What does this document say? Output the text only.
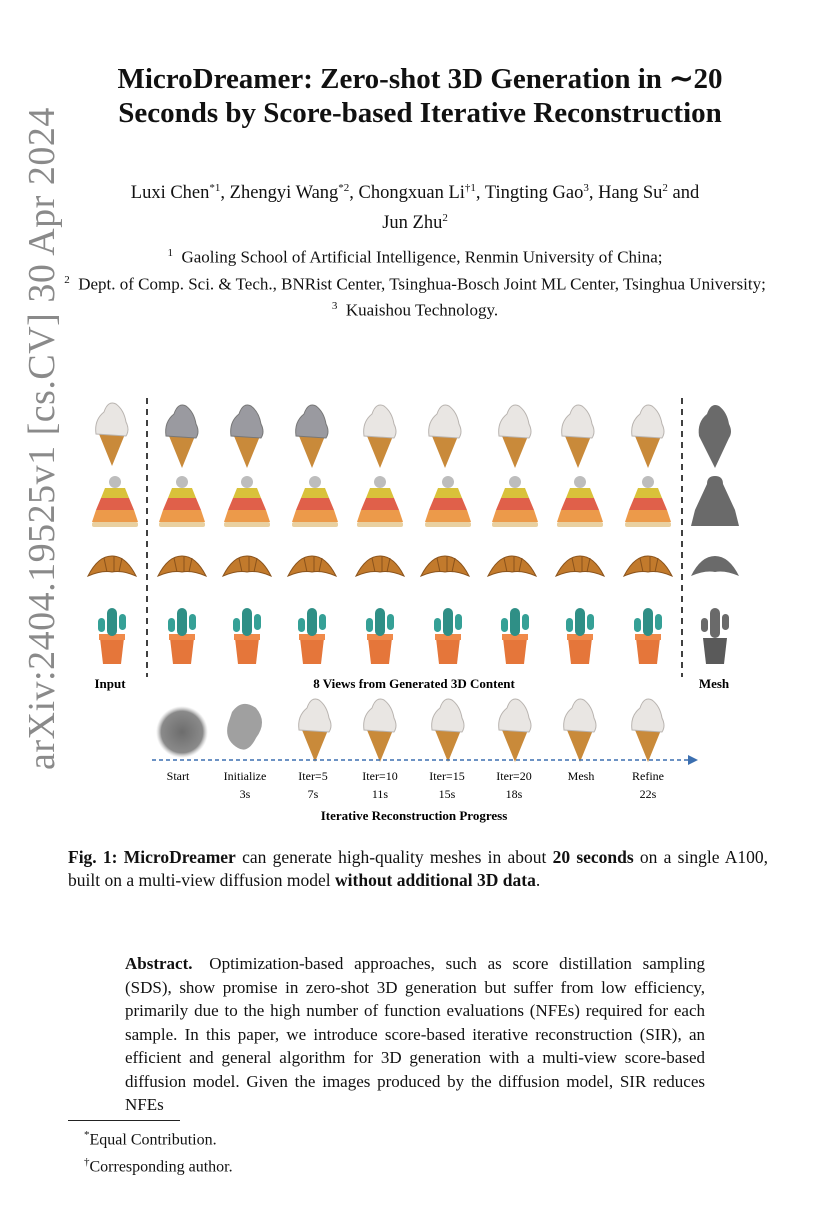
arXiv:2404.19525v1 [cs.CV] 30 Apr 2024
MicroDreamer: Zero-shot 3D Generation in ∼20 Seconds by Score-based Iterative Reconstruction
Luxi Chen$^{*1}$, Zhengyi Wang$^{*2}$, Chongxuan Li$^{\dagger 1}$, Tingting Gao$^3$, Hang Su$^2$ and
Jun Zhu$^2$
$^1$ Gaoling School of Artificial Intelligence, Renmin University of China;
$^2$ Dept. of Comp. Sci. & Tech., BNRist Center, Tsinghua-Bosch Joint ML Center, Tsinghua University;
$^3$ Kuaishou Technology.
Input	8 Views from Generated 3D Content	Mesh
Start	Initialize
3s
Iter=5
7s
Iter=10
11s
Iter=15
15s
Iter=20
18s
Mesh	Refine
22s
Iterative Reconstruction Progress
Fig. 1: MicroDreamer can generate high-quality meshes in about 20 seconds on a single A100, built on a multi-view diffusion model without additional 3D data.
Abstract. Optimization-based approaches, such as score distillation sampling (SDS), show promise in zero-shot 3D generation but suffer from low efficiency, primarily due to the high number of function evaluations (NFEs) required for each sample. In this paper, we introduce score-based iterative reconstruction (SIR), an efficient and general algorithm for 3D generation with a multi-view score-based diffusion model. Given the images produced by the diffusion model, SIR reduces NFEs
*Equal Contribution.
†Corresponding author.
